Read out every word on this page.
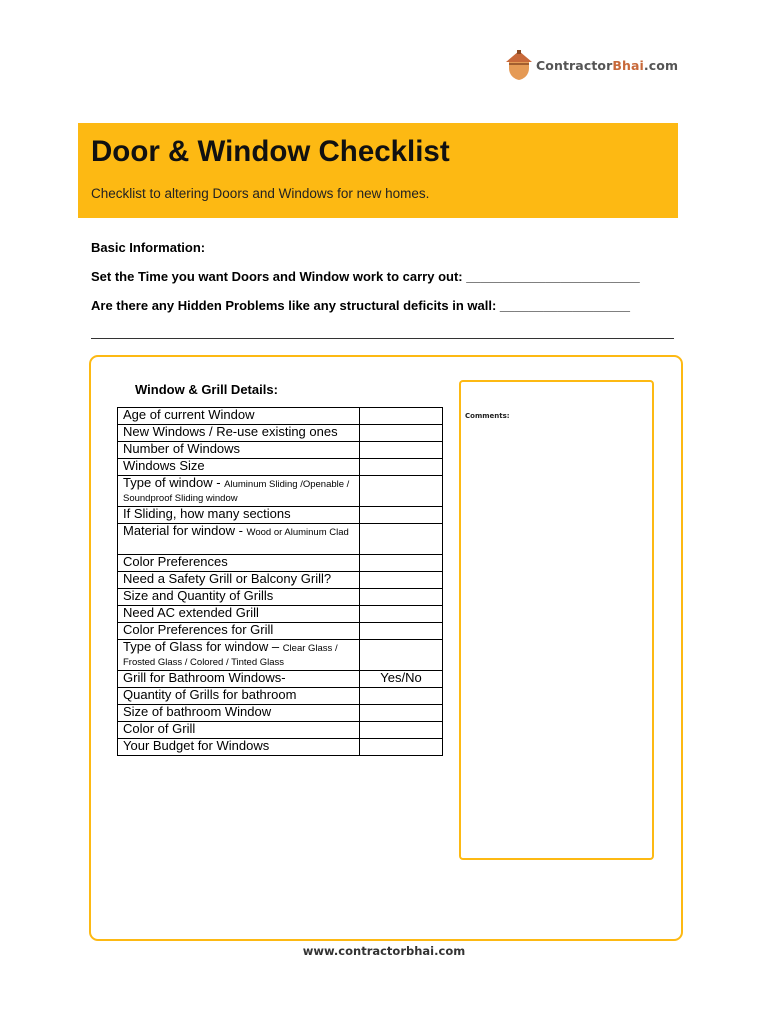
ContractorBhai.com
Door & Window Checklist
Checklist to altering Doors and Windows for new homes.
Basic Information:
Set the Time you want Doors and Window work to carry out: ________________________
Are there any Hidden Problems like any structural deficits in wall: __________________
Window & Grill Details:
Age of current Window	
New Windows / Re-use existing ones	
Number of Windows	
Windows Size	
Type of window - Aluminum Sliding /Openable / Soundproof Sliding window	
If Sliding, how many sections	
Material for window - Wood or Aluminum Clad	
Color Preferences	
Need a Safety Grill or Balcony Grill?	
Size and Quantity of Grills	
Need AC extended Grill	
Color Preferences for Grill	
Type of Glass for window – Clear Glass / Frosted Glass / Colored / Tinted Glass	
Grill for Bathroom Windows-	Yes/No
Quantity of Grills for bathroom	
Size of bathroom Window	
Color of Grill	
Your Budget for Windows	
Comments:
www.contractorbhai.com
